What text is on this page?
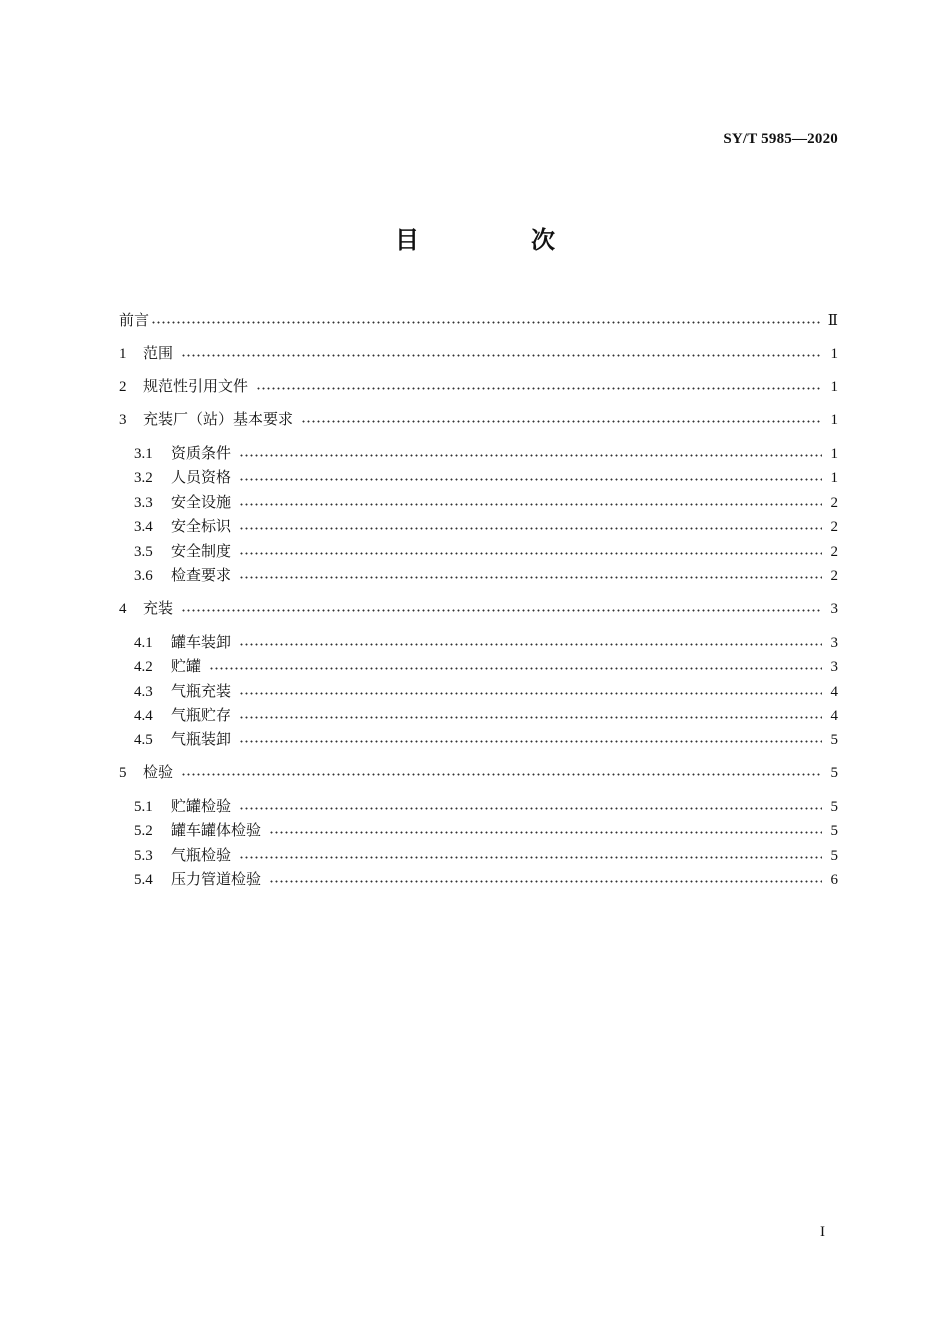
SY/T 5985—2020
目　次
前言	Ⅱ
1	范围	1
2	规范性引用文件	1
3	充装厂（站）基本要求	1
3.1	资质条件	1
3.2	人员资格	1
3.3	安全设施	2
3.4	安全标识	2
3.5	安全制度	2
3.6	检查要求	2
4	充装	3
4.1	罐车装卸	3
4.2	贮罐	3
4.3	气瓶充装	4
4.4	气瓶贮存	4
4.5	气瓶装卸	5
5	检验	5
5.1	贮罐检验	5
5.2	罐车罐体检验	5
5.3	气瓶检验	5
5.4	压力管道检验	6
I
